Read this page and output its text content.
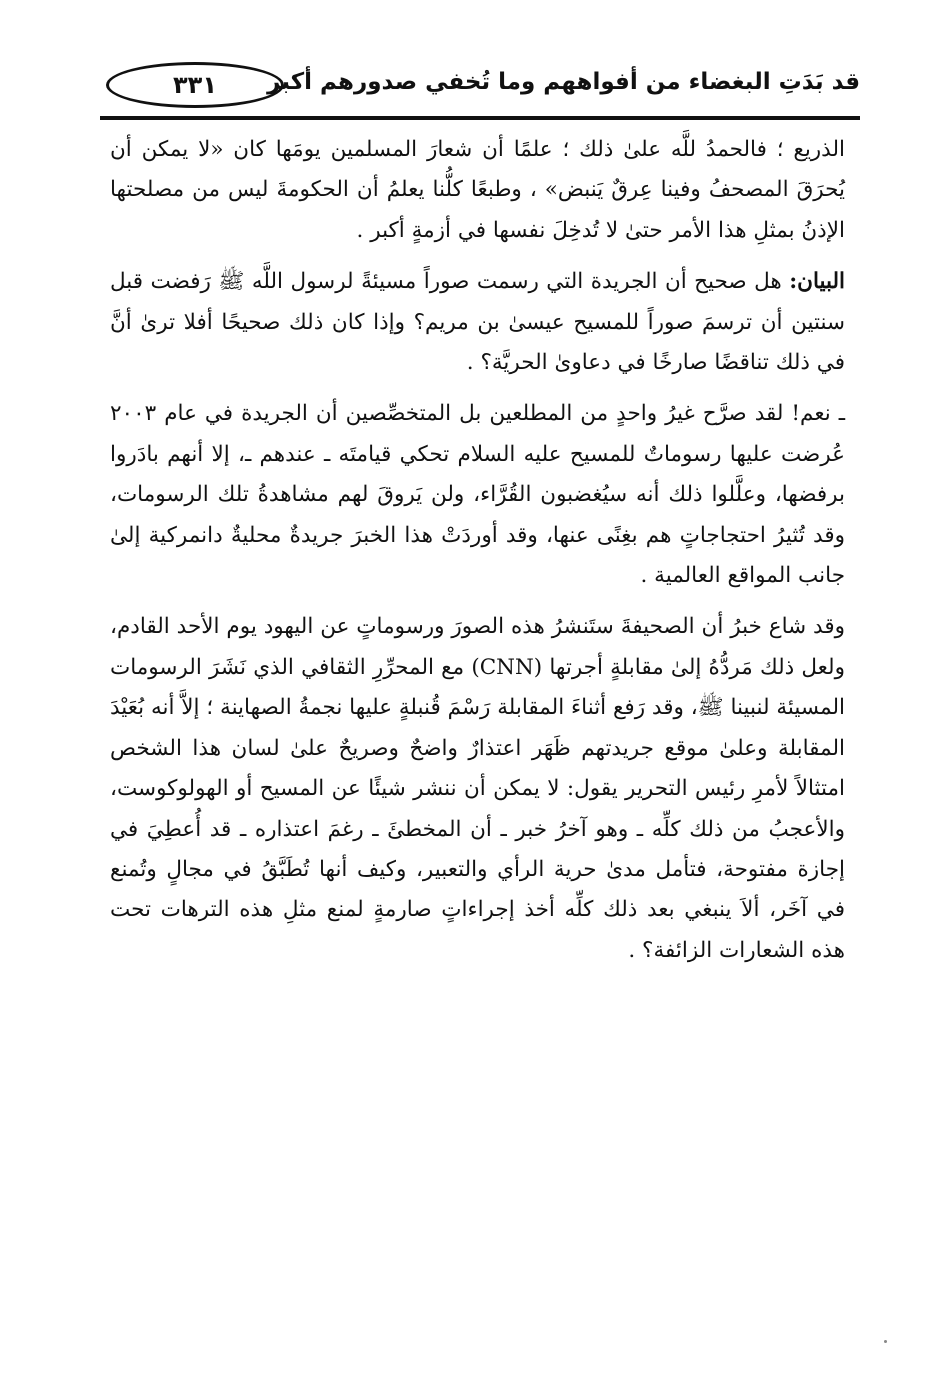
٣٣١ قد بَدَتِ البغضاء من أفواههم وما تُخفي صدورهم أكبر

الذريع ؛ فالحمدُ للَّه علىٰ ذلك ؛ علمًا أن شعارَ المسلمين يومَها كان «لا يمكن أن يُحرَقَ المصحفُ وفينا عِرقٌ يَنبض» ، وطبعًا كلُّنا يعلمُ أن الحكومةَ ليس من مصلحتها الإذنُ بمثلِ هذا الأمر حتىٰ لا تُدخِلَ نفسها في أزمةٍ أكبر .

البيان: هل صحيح أن الجريدة التي رسمت صوراً مسيئةً لرسول اللَّه ﷺ رَفضت قبل سنتين أن ترسمَ صوراً للمسيح عيسىٰ بن مريم؟ وإذا كان ذلك صحيحًا أفلا ترىٰ أنَّ في ذلك تناقضًا صارخًا في دعاوىٰ الحريَّة؟ .

ـ نعم! لقد صرَّح غيرُ واحدٍ من المطلعين بل المتخصِّصين أن الجريدة في عام ٢٠٠٣ عُرضت عليها رسوماتٌ للمسيح عليه السلام تحكي قيامتَه ـ عندهم ـ، إلا أنهم بادَروا برفضها، وعلَّلوا ذلك أنه سيُغضبون القُرَّاء، ولن يَروقَ لهم مشاهدةُ تلك الرسومات، وقد تُثيرُ احتجاجاتٍ هم بغِنًى عنها، وقد أوردَتْ هذا الخبرَ جريدةٌ محليةٌ دانمركية إلىٰ جانب المواقع العالمية .

وقد شاع خبرُ أن الصحيفةَ ستَنشرُ هذه الصورَ ورسوماتٍ عن اليهود يوم الأحد القادم، ولعل ذلك مَردُّهُ إلىٰ مقابلةٍ أجرتها (CNN) مع المحرِّرِ الثقافي الذي نَشَرَ الرسومات المسيئة لنبينا ﷺ، وقد رَفع أثناءَ المقابلة رَسْمَ قُنبلةٍ عليها نجمةُ الصهاينة ؛ إلاَّ أنه بُعَيْدَ المقابلة وعلىٰ موقع جريدتهم ظَهَر اعتذارٌ واضحٌ وصريحٌ علىٰ لسان هذا الشخص امتثالاً لأمرِ رئيس التحرير يقول: لا يمكن أن ننشر شيئًا عن المسيح أو الهولوكوست، والأعجبُ من ذلك كلِّه ـ وهو آخرُ خبر ـ أن المخطئَ ـ رغمَ اعتذاره ـ قد أُعطِيَ في إجازة مفتوحة، فتأمل مدىٰ حرية الرأي والتعبير، وكيف أنها تُطَبَّقُ في مجالٍ وتُمنع في آخَر، ألاَ ينبغي بعد ذلك كلِّه أخذ إجراءاتٍ صارمةٍ لمنع مثلِ هذه الترهات تحت هذه الشعارات الزائفة؟ .
